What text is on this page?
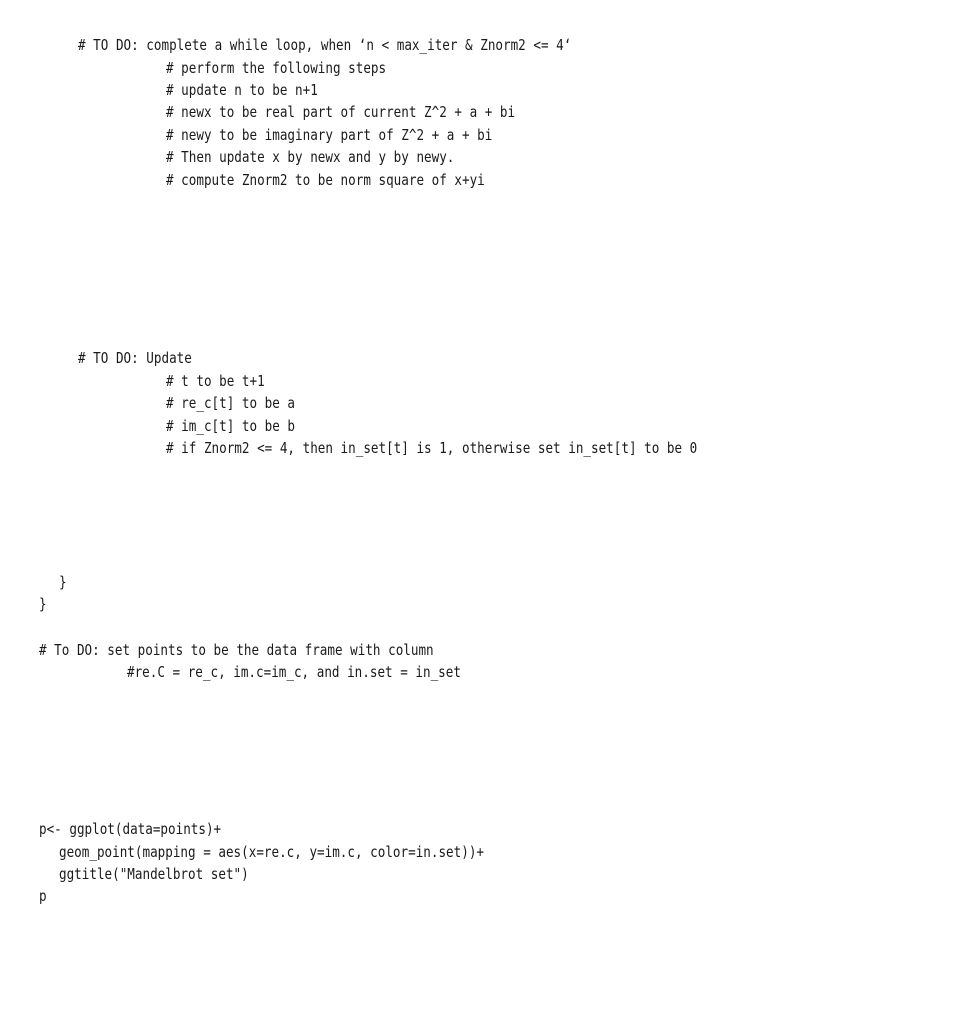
# TO DO: complete a while loop, when ‘n < max_iter & Znorm2 <= 4‘
# perform the following steps
# update n to be n+1
# newx to be real part of current Z^2 + a + bi
# newy to be imaginary part of Z^2 + a + bi
# Then update x by newx and y by newy.
# compute Znorm2 to be norm square of x+yi
# TO DO: Update
# t to be t+1
# re_c[t] to be a
# im_c[t] to be b
# if Znorm2 <= 4, then in_set[t] is 1, otherwise set in_set[t] to be 0
}
}
# To DO: set points to be the data frame with column
#re.C = re_c, im.c=im_c, and in.set = in_set
p<- ggplot(data=points)+
geom_point(mapping = aes(x=re.c, y=im.c, color=in.set))+
ggtitle("Mandelbrot set")
p
